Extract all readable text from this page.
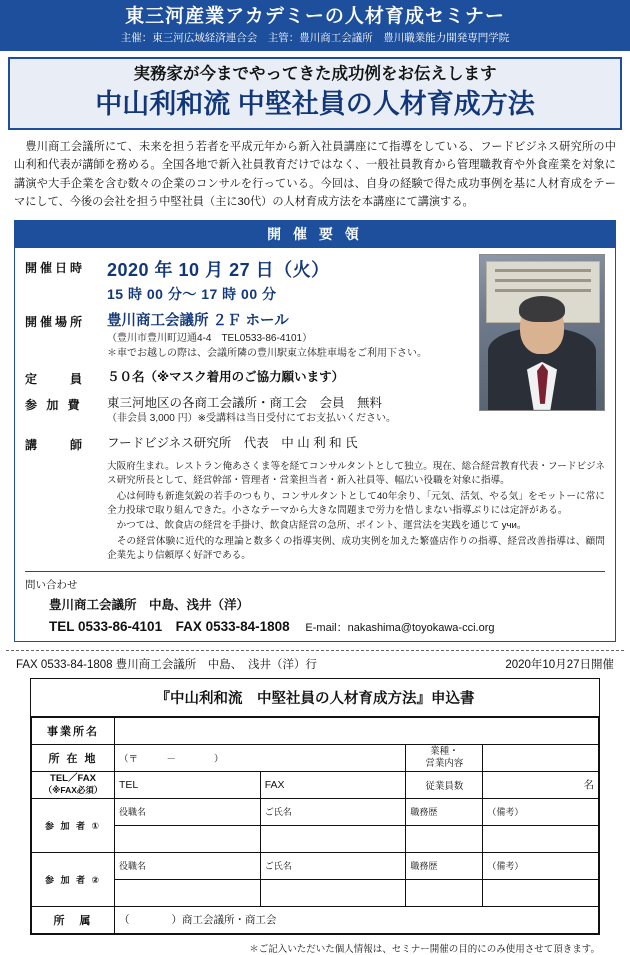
東三河産業アカデミーの人材育成セミナー
主催：東三河広域経済連合会　主管：豊川商工会議所　豊川職業能力開発専門学院
実務家が今までやってきた成功例をお伝えします
中山利和流 中堅社員の人材育成方法
　豊川商工会議所にて、未来を担う若者を平成元年から新入社員講座にて指導をしている、フードビジネス研究所の中山利和代表が講師を務める。全国各地で新入社員教育だけではなく、一般社員教育から管理職教育や外食産業を対象に講演や大手企業を含む数々の企業のコンサルを行っている。今回は、自身の経験で得た成功事例を基に人材育成をテーマにして、今後の会社を担う中堅社員（主に30代）の人材育成方法を本講座にて講演する。
開 催 要 領
開催日時	2020 年 10 月 27 日（火）
15 時 00 分～ 17 時 00 分
開催場所	豊川商工会議所 ２Ｆ ホール
（豊川市豊川町辺通4-4　TEL0533-86-4101）
＊車でお越しの際は、会議所隣の豊川駅東立体駐車場をご利用下さい。
定　　員	５０名（※マスク着用のご協力願います）
参 加 費	東三河地区の各商工会議所・商工会　会員　無料
（非会員 3,000 円）※受講料は当日受付にてお支払いください。
講　　師	フードビジネス研究所　代表　中 山 利 和 氏

大阪府生まれ。レストラン俺あさくま等を経てコンサルタントとして独立。現在、総合経営教育代表・フードビジネス研究所長として、経営幹部・管理者・営業担当者・新入社員等、幅広い役職を対象に指導。

　心は何時も新進気鋭の若手のつもり、コンサルタントとして40年余り、「元気、活気、やる気」をモットーに常に全力投球で取り組んできた。小さなテーマから大きな問題まで労力を惜しまない指導ぶりには定評がある。

　かつては、飲食店の経営を手掛け、飲食店経営の急所、ポイント、運営法を実践を通じて учи。

　その経営体験に近代的な理論と数多くの指導実例、成功実例を加えた繁盛店作りの指導、経営改善指導は、顧問企業先より信頼厚く好評である。

問い合わせ
豊川商工会議所　中島、浅井（洋）
TEL 0533-86-4101　FAX 0533-84-1808 E-mail：nakashima@toyokawa-cci.org
FAX 0533-84-1808 豊川商工会議所　中島、　浅井（洋）行	2020年10月27日開催
『中山利和流　中堅社員の人材育成方法』申込書
事業所名				
所 在 地	（〒　　　－　　　　）		業種・
営業内容	
TEL／FAX
（※FAX必須）	TEL	FAX	従業員数	名
参 加 者 ①	役職名	ご氏名	職務歴	（備考）

参 加 者 ②	役職名	ご氏名	職務歴	（備考）

所　属	（　　　　）商工会議所・商工会			
＊ご記入いただいた個人情報は、セミナー開催の目的にのみ使用させて頂きます。
